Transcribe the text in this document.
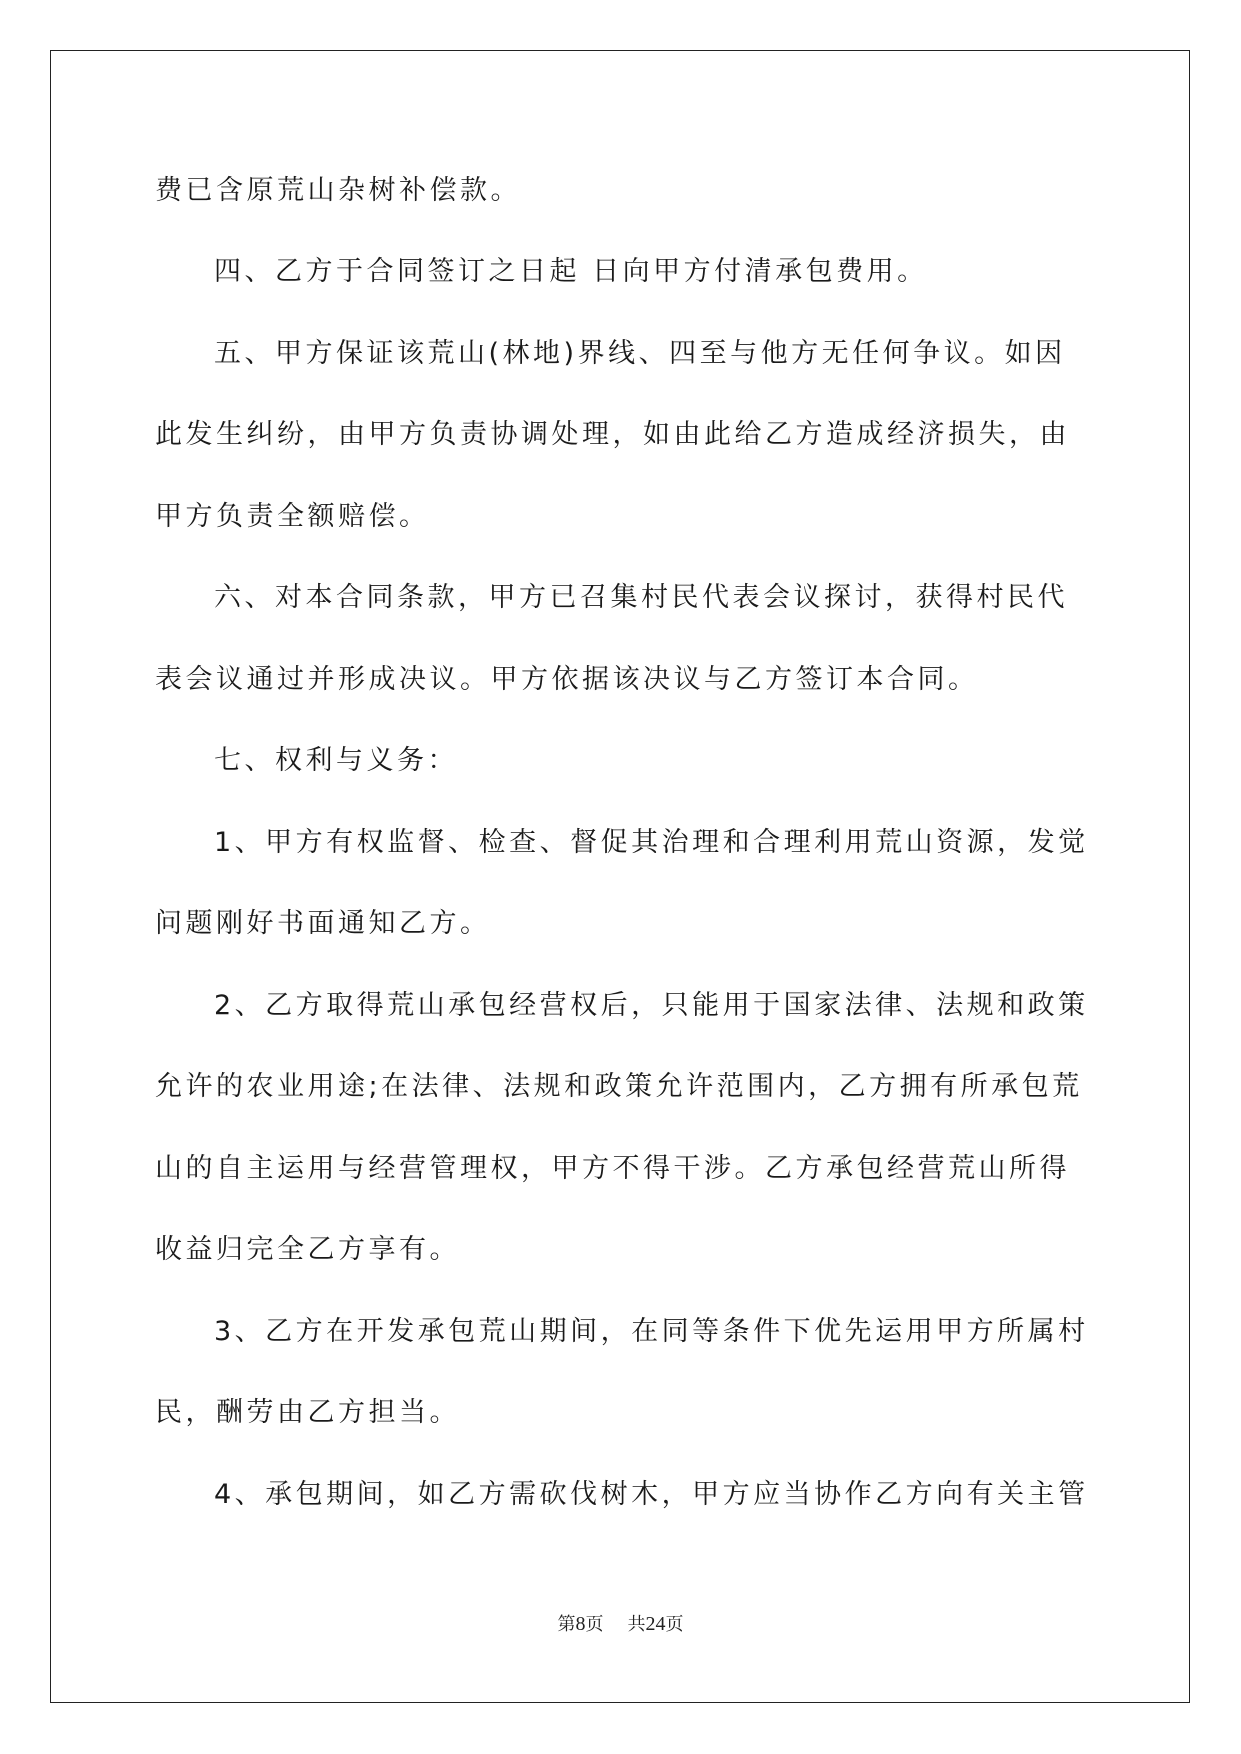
费已含原荒山杂树补偿款。
四、乙方于合同签订之日起 日向甲方付清承包费用。
五、甲方保证该荒山(林地)界线、四至与他方无任何争议。如因
此发生纠纷，由甲方负责协调处理，如由此给乙方造成经济损失，由
甲方负责全额赔偿。
六、对本合同条款，甲方已召集村民代表会议探讨，获得村民代
表会议通过并形成决议。甲方依据该决议与乙方签订本合同。
七、权利与义务：
1、甲方有权监督、检查、督促其治理和合理利用荒山资源，发觉
问题刚好书面通知乙方。
2、乙方取得荒山承包经营权后，只能用于国家法律、法规和政策
允许的农业用途;在法律、法规和政策允许范围内，乙方拥有所承包荒
山的自主运用与经营管理权，甲方不得干涉。乙方承包经营荒山所得
收益归完全乙方享有。
3、乙方在开发承包荒山期间，在同等条件下优先运用甲方所属村
民，酬劳由乙方担当。
4、承包期间，如乙方需砍伐树木，甲方应当协作乙方向有关主管
第8页 共24页
